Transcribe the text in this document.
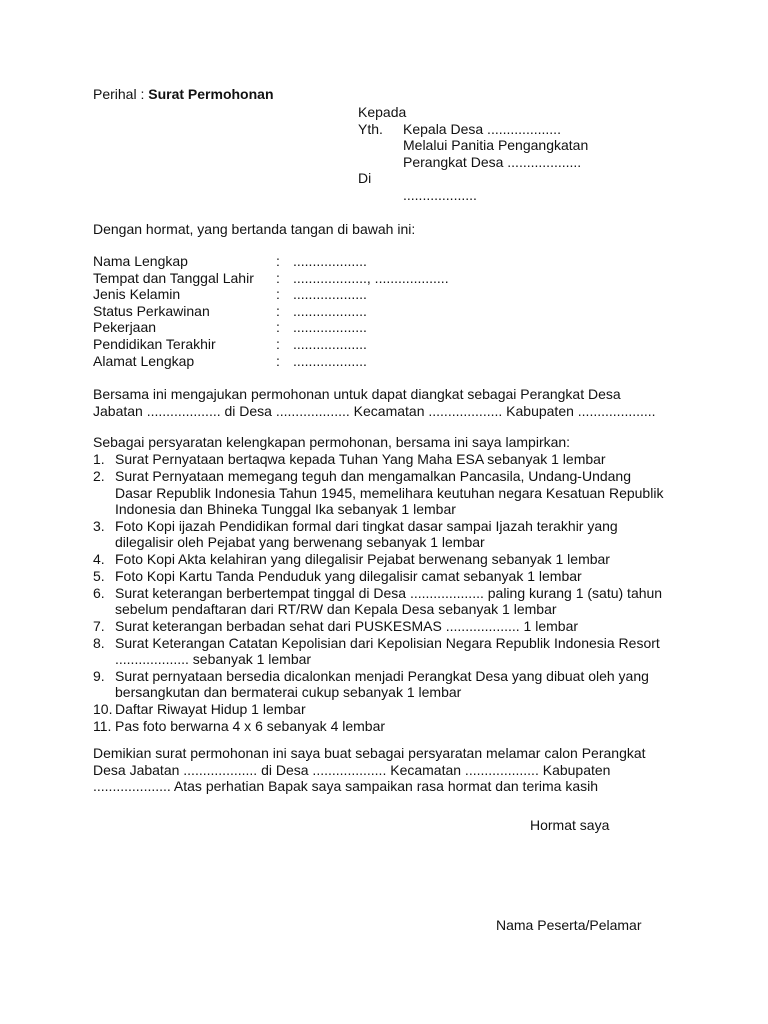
Perihal : Surat Permohonan
Kepada
Yth.	Kepala Desa ...................
Melalui Panitia Pengangkatan
Perangkat Desa ...................
Di
...................
Dengan hormat, yang bertanda tangan di bawah ini:
Nama Lengkap	: ...................
Tempat dan Tanggal Lahir	: ..................., ...................
Jenis Kelamin	: ...................
Status Perkawinan	: ...................
Pekerjaan	: ...................
Pendidikan Terakhir	: ...................
Alamat Lengkap	: ...................
Bersama ini mengajukan permohonan untuk dapat diangkat sebagai Perangkat Desa
Jabatan ................... di Desa ................... Kecamatan ................... Kabupaten ....................
Sebagai persyaratan kelengkapan permohonan, bersama ini saya lampirkan:
1. Surat Pernyataan bertaqwa kepada Tuhan Yang Maha ESA sebanyak 1 lembar
2. Surat Pernyataan memegang teguh dan mengamalkan Pancasila, Undang-Undang
Dasar Republik Indonesia Tahun 1945, memelihara keutuhan negara Kesatuan Republik
Indonesia dan Bhineka Tunggal Ika sebanyak 1 lembar
3. Foto Kopi ijazah Pendidikan formal dari tingkat dasar sampai Ijazah terakhir yang
dilegalisir oleh Pejabat yang berwenang sebanyak 1 lembar
4. Foto Kopi Akta kelahiran yang dilegalisir Pejabat berwenang sebanyak 1 lembar
5. Foto Kopi Kartu Tanda Penduduk yang dilegalisir camat sebanyak 1 lembar
6. Surat keterangan berbertempat tinggal di Desa ................... paling kurang 1 (satu) tahun
sebelum pendaftaran dari RT/RW dan Kepala Desa sebanyak 1 lembar
7. Surat keterangan berbadan sehat dari PUSKESMAS ................... 1 lembar
8. Surat Keterangan Catatan Kepolisian dari Kepolisian Negara Republik Indonesia Resort
................... sebanyak 1 lembar
9. Surat pernyataan bersedia dicalonkan menjadi Perangkat Desa yang dibuat oleh yang
bersangkutan dan bermaterai cukup sebanyak 1 lembar
10. Daftar Riwayat Hidup 1 lembar
11. Pas foto berwarna 4 x 6 sebanyak 4 lembar
Demikian surat permohonan ini saya buat sebagai persyaratan melamar calon Perangkat
Desa Jabatan ................... di Desa ................... Kecamatan ................... Kabupaten
.................... Atas perhatian Bapak saya sampaikan rasa hormat dan terima kasih
Hormat saya
Nama Peserta/Pelamar
